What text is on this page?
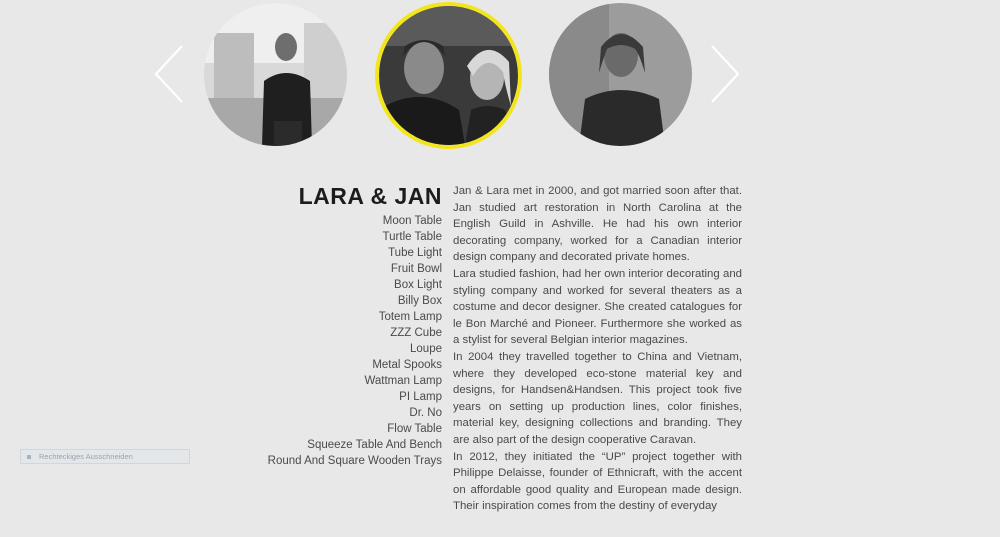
LARA & JAN
Moon Table
Turtle Table
Tube Light
Fruit Bowl
Box Light
Billy Box
Totem Lamp
ZZZ Cube
Loupe
Metal Spooks
Wattman Lamp
PI Lamp
Dr. No
Flow Table
Squeeze Table And Bench
Round And Square Wooden Trays

Jan & Lara met in 2000, and got married soon after that. Jan studied art restoration in North Carolina at the English Guild in Ashville. He had his own interior decorating company, worked for a Canadian interior design company and decorated private homes.

Lara studied fashion, had her own interior decorating and styling company and worked for several theaters as a costume and decor designer. She created catalogues for le Bon Marché and Pioneer. Furthermore she worked as a stylist for several Belgian interior magazines.

In 2004 they travelled together to China and Vietnam, where they developed eco-stone material key and designs, for Handsen&Handsen. This project took five years on setting up production lines, color finishes, material key, designing collections and branding. They are also part of the design cooperative Caravan.

In 2012, they initiated the “UP” project together with Philippe Delaisse, founder of Ethnicraft, with the accent on affordable good quality and European made design. Their inspiration comes from the destiny of everyday

Rechteckiges Ausschneiden
